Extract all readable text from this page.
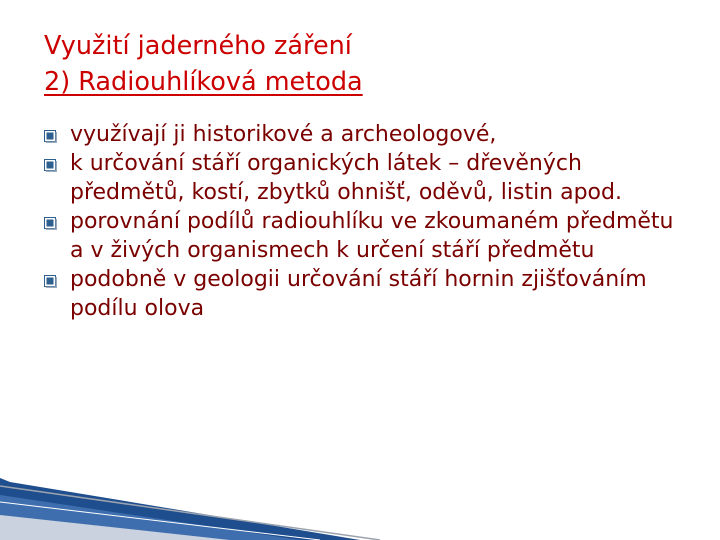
Využití jaderného záření
2) Radiouhlíková metoda
využívají ji historikové a archeologové,
k určování stáří organických látek – dřevěných předmětů, kostí, zbytků ohnišť, oděvů, listin apod.
porovnání podílů radiouhlíku ve zkoumaném předmětu a v živých organismech k určení stáří předmětu
podobně v geologii určování stáří hornin zjišťováním podílu olova
